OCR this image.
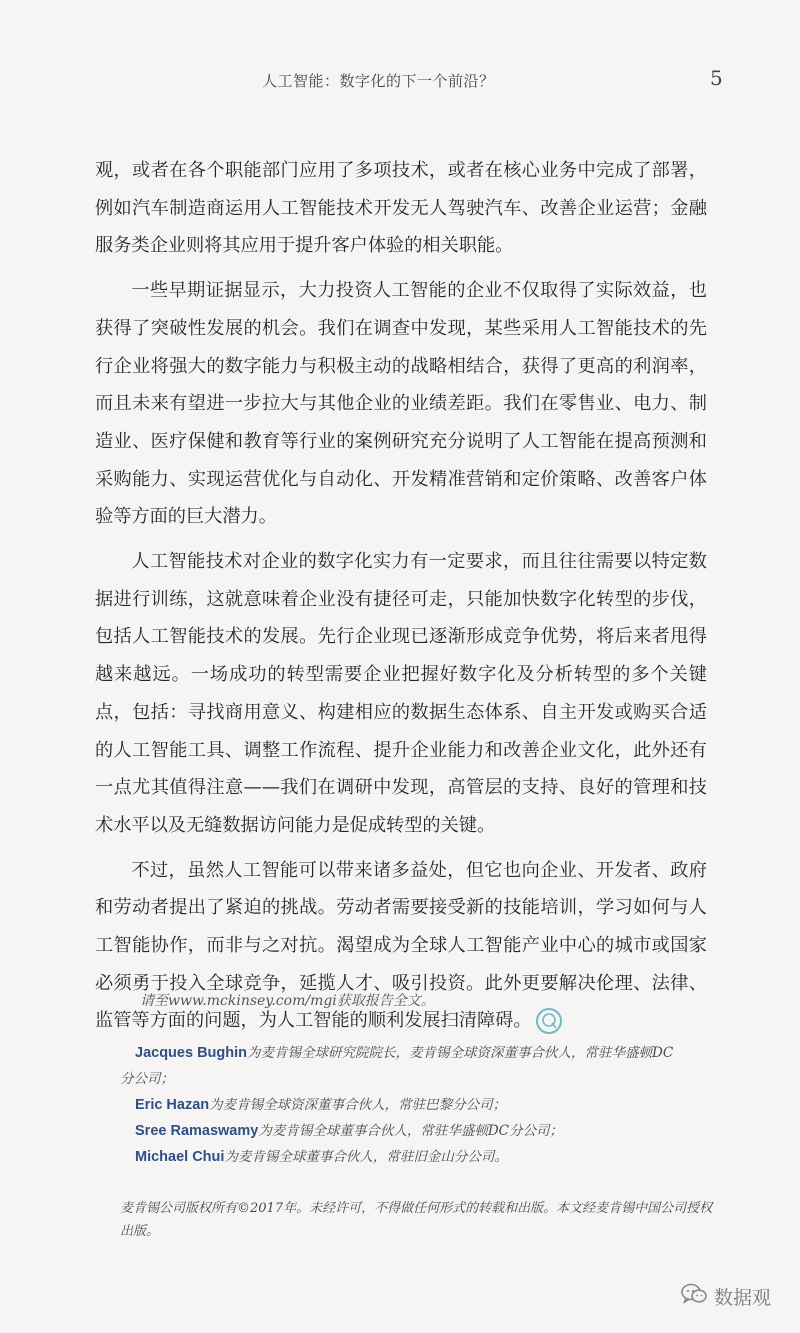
人工智能：数字化的下一个前沿？	5

观，或者在各个职能部门应用了多项技术，或者在核心业务中完成了部署，例如汽车制造商运用人工智能技术开发无人驾驶汽车、改善企业运营；金融服务类企业则将其应用于提升客户体验的相关职能。

一些早期证据显示，大力投资人工智能的企业不仅取得了实际效益，也获得了突破性发展的机会。我们在调查中发现，某些采用人工智能技术的先行企业将强大的数字能力与积极主动的战略相结合，获得了更高的利润率，而且未来有望进一步拉大与其他企业的业绩差距。我们在零售业、电力、制造业、医疗保健和教育等行业的案例研究充分说明了人工智能在提高预测和采购能力、实现运营优化与自动化、开发精准营销和定价策略、改善客户体验等方面的巨大潜力。

人工智能技术对企业的数字化实力有一定要求，而且往往需要以特定数据进行训练，这就意味着企业没有捷径可走，只能加快数字化转型的步伐，包括人工智能技术的发展。先行企业现已逐渐形成竞争优势，将后来者甩得越来越远。一场成功的转型需要企业把握好数字化及分析转型的多个关键点，包括：寻找商用意义、构建相应的数据生态体系、自主开发或购买合适的人工智能工具、调整工作流程、提升企业能力和改善企业文化，此外还有一点尤其值得注意——我们在调研中发现，高管层的支持、良好的管理和技术水平以及无缝数据访问能力是促成转型的关键。

不过，虽然人工智能可以带来诸多益处，但它也向企业、开发者、政府和劳动者提出了紧迫的挑战。劳动者需要接受新的技能培训，学习如何与人工智能协作，而非与之对抗。渴望成为全球人工智能产业中心的城市或国家必须勇于投入全球竞争，延揽人才、吸引投资。此外更要解决伦理、法律、监管等方面的问题，为人工智能的顺利发展扫清障碍。

请至www.mckinsey.com/mgi获取报告全文。
Jacques Bughin为麦肯锡全球研究院院长，麦肯锡全球资深董事合伙人，常驻华盛顿DC
分公司；
Eric Hazan为麦肯锡全球资深董事合伙人，常驻巴黎分公司；
Sree Ramaswamy为麦肯锡全球董事合伙人，常驻华盛顿DC分公司；
Michael Chui为麦肯锡全球董事合伙人，常驻旧金山分公司。
麦肯锡公司版权所有©2017年。未经许可，不得做任何形式的转载和出版。本文经麦肯锡中国公司授权出版。
数据观
